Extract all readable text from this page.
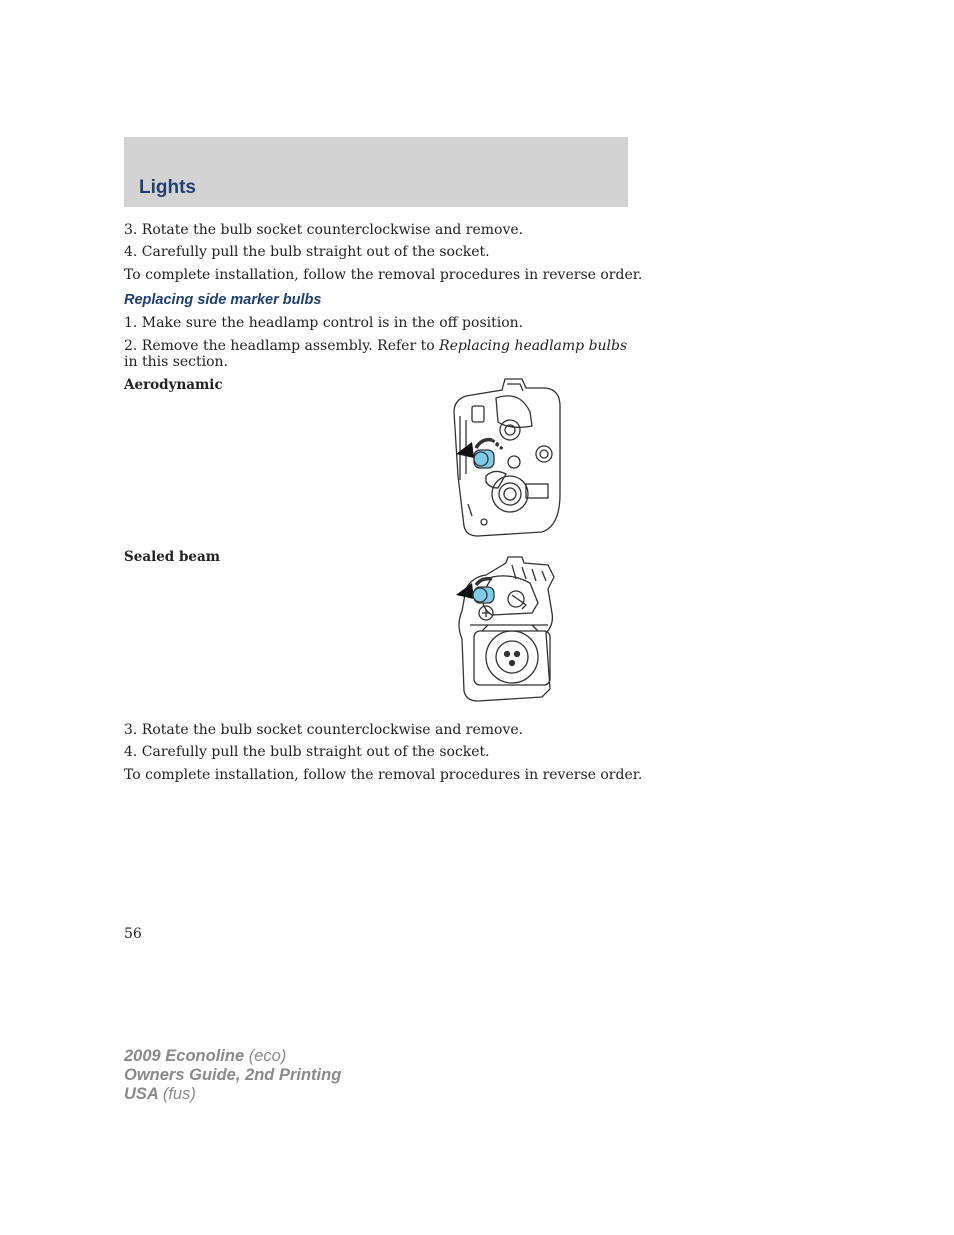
Lights
3. Rotate the bulb socket counterclockwise and remove.
4. Carefully pull the bulb straight out of the socket.
To complete installation, follow the removal procedures in reverse order.
Replacing side marker bulbs
1. Make sure the headlamp control is in the off position.
2. Remove the headlamp assembly. Refer to Replacing headlamp bulbs
in this section.
Aerodynamic
Sealed beam
3. Rotate the bulb socket counterclockwise and remove.
4. Carefully pull the bulb straight out of the socket.
To complete installation, follow the removal procedures in reverse order.
56
2009 Econoline (eco)
Owners Guide, 2nd Printing
USA (fus)
